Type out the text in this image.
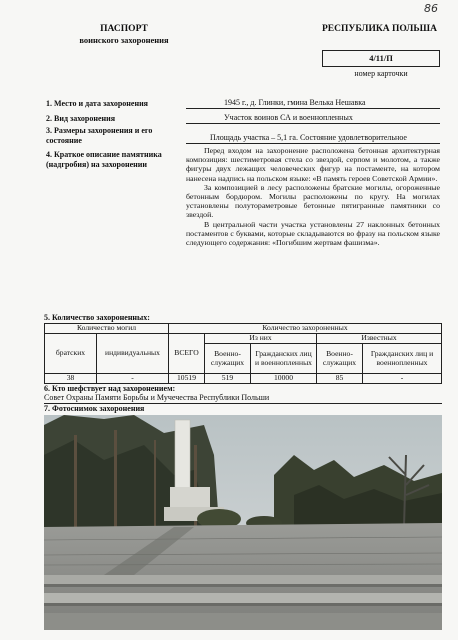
86
ПАСПОРТ
воинского захоронения
РЕСПУБЛИКА ПОЛЬША
4/11/П
номер карточки
1. Место и дата захоронения	1945 г., д. Глинки, гмина Велька Нешавка
2. Вид захоронения	Участок воинов СА и военнопленных
3. Размеры захоронения и его состояние	Площадь участка – 5,1 га. Состояние удовлетворительное
4. Краткое описание памятника (надгробия) на захоронении

Перед входом на захоронение расположена бетонная архитектурная композиция: шестиметровая стела со звездой, серпом и молотом, а также фигуры двух лежащих человеческих фигур на постаменте, на котором нанесена надпись на польском языке: «В память героев Советской Армии».

За композицией в лесу расположены братские могилы, огороженные бетонным бордюром. Могилы расположены по кругу. На могилах установлены полутораметровые бетонные пятигранные памятники со звездой.

В центральной части участка установлены 27 наклонных бетонных постаментов с буквами, которые складываются во фразу на польском языке следующего содержания: «Погибшим жертвам фашизма».

5. Количество захороненных:
Количество могил		Количество захороненных				
братских	индивидуальных	ВСЕГО	Из них		Известных	
			Военно-служащих	Гражданских лиц и военнопленных	Военно-служащих	Гражданских лиц и военнопленных
38	-	10519	519	10000	85	-
6. Кто шефствует над захоронением:
Совет Охраны Памяти Борьбы и Мучечества Республики Польши
7. Фотоснимок захоронения
